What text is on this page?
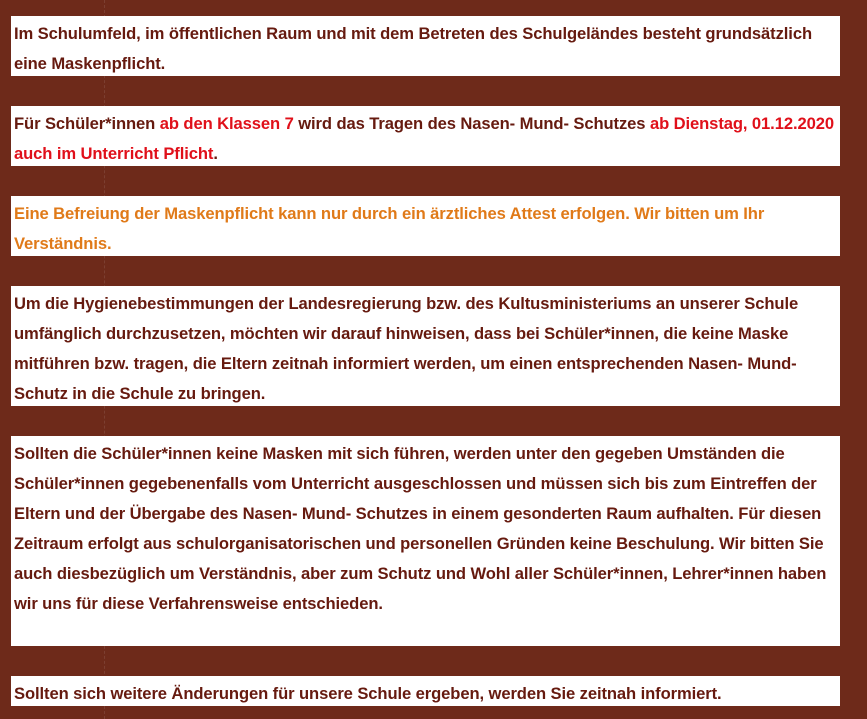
Im Schulumfeld, im öffentlichen Raum und mit dem Betreten des Schulgeländes besteht grundsätzlich eine Maskenpflicht.
Für Schüler*innen ab den Klassen 7 wird das Tragen des Nasen- Mund- Schutzes ab Dienstag, 01.12.2020 auch im Unterricht Pflicht.
Eine Befreiung der Maskenpflicht kann nur durch ein ärztliches Attest erfolgen. Wir bitten um Ihr Verständnis.
Um die Hygienebestimmungen der Landesregierung bzw. des Kultusministeriums an unserer Schule umfänglich durchzusetzen, möchten wir darauf hinweisen, dass bei Schüler*innen, die keine Maske mitführen bzw. tragen, die Eltern zeitnah informiert werden, um einen entsprechenden Nasen- Mund- Schutz in die Schule zu bringen.
Sollten die Schüler*innen keine Masken mit sich führen, werden unter den gegeben Umständen die Schüler*innen gegebenenfalls vom Unterricht ausgeschlossen und müssen sich bis zum Eintreffen der Eltern und der Übergabe des Nasen- Mund- Schutzes in einem gesonderten Raum aufhalten. Für diesen Zeitraum erfolgt aus schulorganisatorischen und personellen Gründen keine Beschulung. Wir bitten Sie auch diesbezüglich um Verständnis, aber zum Schutz und Wohl aller Schüler*innen, Lehrer*innen haben wir uns für diese Verfahrensweise entschieden.
Sollten sich weitere Änderungen für unsere Schule ergeben, werden Sie zeitnah informiert.
